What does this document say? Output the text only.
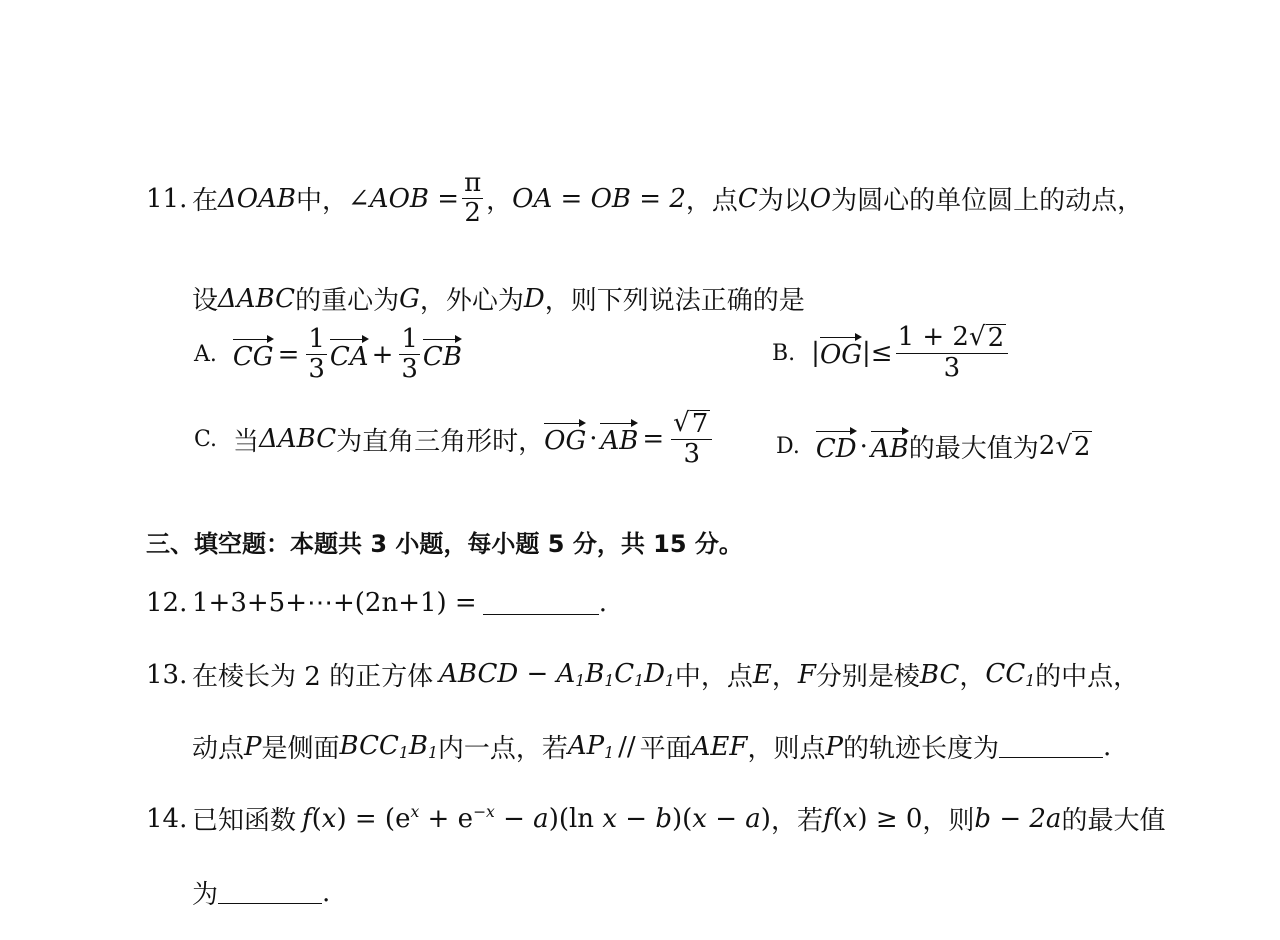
11. 在 ΔOAB 中， ∠AOB = $\frac{\pi}{2}$ ， OA = OB = 2 ，点 C 为以 O 为圆心的单位圆上的动点，
设 ΔABC 的重心为 G ，外心为 D ，则下列说法正确的是
A. CG = $\frac{1}{3}$ CA + $\frac{1}{3}$ CB	B. | OG |≤ $\frac{1 + 2 √ 2}{3}$
C. 当 ΔABC 为直角三角形时， OG · AB = $\frac{√ 7}{3}$	D. CD · AB 的最大值为 2 √ 2
三、填空题：本题共 3 小题，每小题 5 分，共 15 分。
12. 1+3+5+⋯+(2n+1) =	.
13. 在棱长为 2 的正方体 ABCD − $A_1B_1C_1D_1$ 中，点 E ， F 分别是棱 BC ， $CC_1$ 的中点，
动点 P 是侧面 $BCC_1B_1$ 内一点，若 $AP_1$ // 平面 AEF ，则点 P 的轨迹长度为	.
14. 已知函数 $f(x) = (e^x + e^{-x} - a)(\ln$ x − b)(x − a) ，若 f(x) ≥ 0 ，则 b − 2a 的最大值
为	.
